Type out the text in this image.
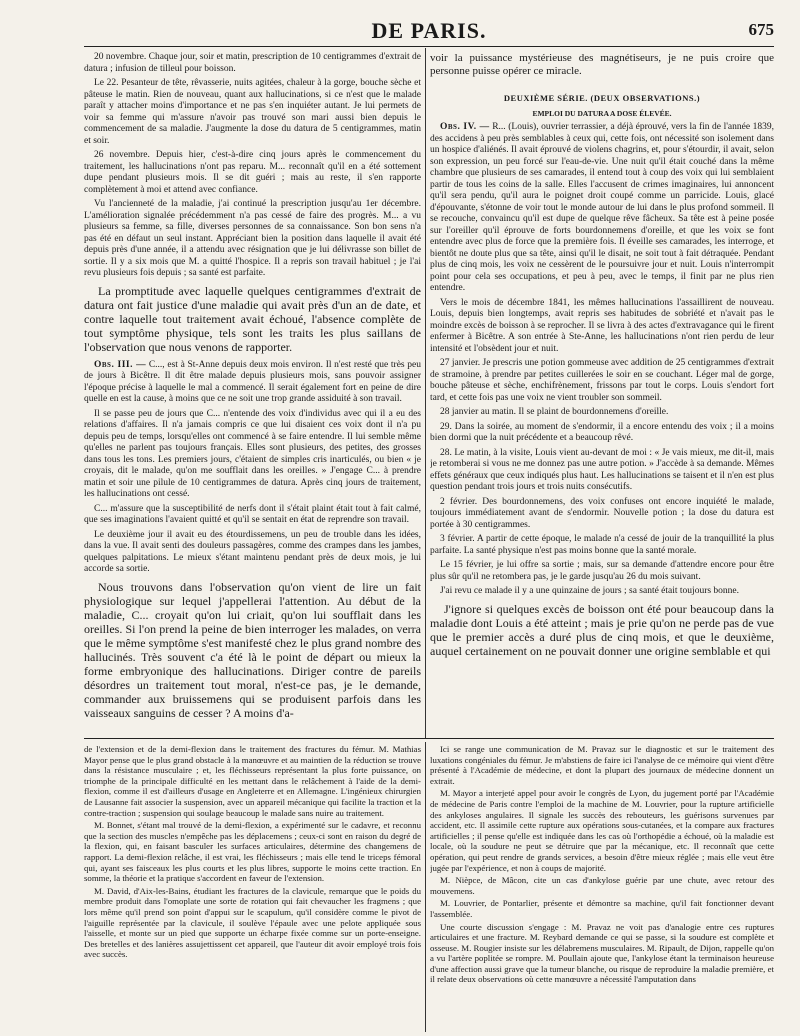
DE PARIS.	675

20 novembre. Chaque jour, soir et matin, prescription de 10 centigrammes d'extrait de datura ; infusion de tilleul pour boisson.

Le 22. Pesanteur de tête, rêvasserie, nuits agitées, chaleur à la gorge, bouche sèche et pâteuse le matin. Rien de nouveau, quant aux hallucinations, si ce n'est que le malade paraît y attacher moins d'importance et ne pas s'en inquiéter autant. Je lui permets de voir sa femme qui m'assure n'avoir pas trouvé son mari aussi bien depuis le commencement de sa maladie. J'augmente la dose du datura de 5 centigrammes, matin et soir.

26 novembre. Depuis hier, c'est-à-dire cinq jours après le commencement du traitement, les hallucinations n'ont pas reparu. M... reconnaît qu'il en a été sottement dupe pendant plusieurs mois. Il se dit guéri ; mais au reste, il s'en rapporte complètement à moi et attend avec confiance.

Vu l'ancienneté de la maladie, j'ai continué la prescription jusqu'au 1er décembre. L'amélioration signalée précédemment n'a pas cessé de faire des progrès. M... a vu plusieurs sa femme, sa fille, diverses personnes de sa connaissance. Son bon sens n'a pas été en défaut un seul instant. Appréciant bien la position dans laquelle il avait été depuis près d'une année, il a attendu avec résignation que je lui délivrasse son billet de sortie. Il y a six mois que M. a quitté l'hospice. Il a repris son travail habituel ; je l'ai revu plusieurs fois depuis ; sa santé est parfaite.

La promptitude avec laquelle quelques centigrammes d'extrait de datura ont fait justice d'une maladie qui avait près d'un an de date, et contre laquelle tout traitement avait échoué, l'absence complète de tout symptôme physique, tels sont les traits les plus saillans de l'observation que nous venons de rapporter.

Obs. III. — C..., est à St-Anne depuis deux mois environ. Il n'est resté que très peu de jours à Bicêtre. Il dit être malade depuis plusieurs mois, sans pouvoir assigner l'époque précise à laquelle le mal a commencé. Il serait également fort en peine de dire quelle en est la cause, à moins que ce ne soit une trop grande assiduité à son travail.

Il se passe peu de jours que C... n'entende des voix d'individus avec qui il a eu des relations d'affaires. Il n'a jamais compris ce que lui disaient ces voix dont il n'a pu depuis peu de temps, lorsqu'elles ont commencé à se faire entendre. Il lui semble même qu'elles ne parlent pas toujours français. Elles sont plusieurs, des petites, des grosses dans tous les tons. Les premiers jours, c'étaient de simples cris inarticulés, ou bien « je croyais, dit le malade, qu'on me soufflait dans les oreilles. » J'engage C... à prendre matin et soir une pilule de 10 centigrammes de datura. Après cinq jours de traitement, les hallucinations ont cessé.

C... m'assure que la susceptibilité de nerfs dont il s'était plaint était tout à fait calmé, que ses imaginations l'avaient quitté et qu'il se sentait en état de reprendre son travail.

Le deuxième jour il avait eu des étourdissemens, un peu de trouble dans les idées, dans la vue. Il avait senti des douleurs passagères, comme des crampes dans les jambes, quelques palpitations. Le mieux s'étant maintenu pendant près de deux mois, je lui accorde sa sortie.

Nous trouvons dans l'observation qu'on vient de lire un fait physiologique sur lequel j'appellerai l'attention. Au début de la maladie, C... croyait qu'on lui criait, qu'on lui soufflait dans les oreilles. Si l'on prend la peine de bien interroger les malades, on verra que le même symptôme s'est manifesté chez le plus grand nombre des hallucinés. Très souvent c'a été là le point de départ ou mieux la forme embryonique des hallucinations. Diriger contre de pareils désordres un traitement tout moral, n'est-ce pas, je le demande, commander aux bruissemens qui se produisent parfois dans les vaisseaux sanguins de cesser ? A moins d'a-

voir la puissance mystérieuse des magnétiseurs, je ne puis croire que personne puisse opérer ce miracle.

DEUXIÈME SÉRIE. (DEUX OBSERVATIONS.)

EMPLOI DU DATURA A DOSE ÉLEVÉE.

Obs. IV. — R... (Louis), ouvrier terrassier, a déjà éprouvé, vers la fin de l'année 1839, des accidens à peu près semblables à ceux qui, cette fois, ont nécessité son isolement dans un hospice d'aliénés. Il avait éprouvé de violens chagrins, et, pour s'étourdir, il avait, selon son expression, un peu forcé sur l'eau-de-vie. Une nuit qu'il était couché dans la même chambre que plusieurs de ses camarades, il entend tout à coup des voix qui lui semblaient partir de tous les coins de la salle. Elles l'accusent de crimes imaginaires, lui annoncent qu'il sera pendu, qu'il aura le poignet droit coupé comme un parricide. Louis, glacé d'épouvante, s'étonne de voir tout le monde autour de lui dans le plus profond sommeil. Il se recouche, convaincu qu'il est dupe de quelque rêve fâcheux. Sa tête est à peine posée sur l'oreiller qu'il éprouve de forts bourdonnemens d'oreille, et que les voix se font entendre avec plus de force que la première fois. Il éveille ses camarades, les interroge, et bientôt ne doute plus que sa tête, ainsi qu'il le disait, ne soit tout à fait détraquée. Pendant plus de cinq mois, les voix ne cessèrent de le poursuivre jour et nuit. Louis n'interrompit point pour cela ses occupations, et peu à peu, avec le temps, il finit par ne plus rien entendre.

Vers le mois de décembre 1841, les mêmes hallucinations l'assaillirent de nouveau. Louis, depuis bien longtemps, avait repris ses habitudes de sobriété et n'avait pas le moindre excès de boisson à se reprocher. Il se livra à des actes d'extravagance qui le firent enfermer à Bicêtre. A son entrée à Ste-Anne, les hallucinations n'ont rien perdu de leur intensité et l'obsèdent jour et nuit.

27 janvier. Je prescris une potion gommeuse avec addition de 25 centigrammes d'extrait de stramoine, à prendre par petites cuillerées le soir en se couchant. Léger mal de gorge, bouche pâteuse et sèche, enchifrènement, frissons par tout le corps. Louis s'endort fort tard, et cette fois pas une voix ne vient troubler son sommeil.

28 janvier au matin. Il se plaint de bourdonnemens d'oreille.

29. Dans la soirée, au moment de s'endormir, il a encore entendu des voix ; il a moins bien dormi que la nuit précédente et a beaucoup rêvé.

28. Le matin, à la visite, Louis vient au-devant de moi : « Je vais mieux, me dit-il, mais je retomberai si vous ne me donnez pas une autre potion. » J'accède à sa demande. Mêmes effets généraux que ceux indiqués plus haut. Les hallucinations se taisent et il n'en est plus question pendant trois jours et trois nuits consécutifs.

2 février. Des bourdonnemens, des voix confuses ont encore inquiété le malade, toujours immédiatement avant de s'endormir. Nouvelle potion ; la dose du datura est portée à 30 centigrammes.

3 février. A partir de cette époque, le malade n'a cessé de jouir de la tranquillité la plus parfaite. La santé physique n'est pas moins bonne que la santé morale.

Le 15 février, je lui offre sa sortie ; mais, sur sa demande d'attendre encore pour être plus sûr qu'il ne retombera pas, je le garde jusqu'au 26 du mois suivant.

J'ai revu ce malade il y a une quinzaine de jours ; sa santé était toujours bonne.

J'ignore si quelques excès de boisson ont été pour beaucoup dans la maladie dont Louis a été atteint ; mais je prie qu'on ne perde pas de vue que le premier accès a duré plus de cinq mois, et que le deuxième, auquel certainement on ne pouvait donner une origine semblable et qui

de l'extension et de la demi-flexion dans le traitement des fractures du fémur. M. Mathias Mayor pense que le plus grand obstacle à la manœuvre et au maintien de la réduction se trouve dans la résistance musculaire ; et, les fléchisseurs représentant la plus forte puissance, on triomphe de la principale difficulté en les mettant dans le relâchement à l'aide de la demi-flexion, comme il est d'ailleurs d'usage en Angleterre et en Allemagne. L'ingénieux chirurgien de Lausanne fait associer la suspension, avec un appareil mécanique qui facilite la traction et la contre-traction ; suspension qui soulage beaucoup le malade sans nuire au traitement.

M. Bonnet, s'étant mal trouvé de la demi-flexion, a expérimenté sur le cadavre, et reconnu que la section des muscles n'empêche pas les déplacemens ; ceux-ci sont en raison du degré de la flexion, qui, en faisant basculer les surfaces articulaires, détermine des changemens de rapport. La demi-flexion relâche, il est vrai, les fléchisseurs ; mais elle tend le triceps fémoral qui, ayant ses faisceaux les plus courts et les plus libres, supporte le moins cette traction. En somme, la théorie et la pratique s'accordent en faveur de l'extension.

M. David, d'Aix-les-Bains, étudiant les fractures de la clavicule, remarque que le poids du membre produit dans l'omoplate une sorte de rotation qui fait chevaucher les fragmens ; que lors même qu'il prend son point d'appui sur le scapulum, qu'il considère comme le pivot de l'aiguille représentée par la clavicule, il soulève l'épaule avec une pelote appliquée sous l'aisselle, et monte sur un pied que supporte un écharpe fixée comme sur un porte-enseigne. Des bretelles et des lanières assujettissent cet appareil, que l'auteur dit avoir employé trois fois avec succès.

Ici se range une communication de M. Pravaz sur le diagnostic et sur le traitement des luxations congéniales du fémur. Je m'abstiens de faire ici l'analyse de ce mémoire qui vient d'être présenté à l'Académie de médecine, et dont la plupart des journaux de médecine donnent un extrait.

M. Mayor a interjeté appel pour avoir le congrès de Lyon, du jugement porté par l'Académie de médecine de Paris contre l'emploi de la machine de M. Louvrier, pour la rupture artificielle des ankyloses angulaires. Il signale les succès des rebouteurs, les guérisons survenues par accident, etc. Il assimile cette rupture aux opérations sous-cutanées, et la compare aux fractures artificielles ; il pense qu'elle est indiquée dans les cas où l'orthopédie a échoué, où la maladie est locale, où la soudure ne peut se détruire que par la mécanique, etc. Il reconnaît que cette opération, qui peut rendre de grands services, a besoin d'être mieux réglée ; mais elle veut être jugée par l'expérience, et non à coups de majorité.

M. Nièpce, de Mâcon, cite un cas d'ankylose guérie par une chute, avec retour des mouvemens.

M. Louvrier, de Pontarlier, présente et démontre sa machine, qu'il fait fonctionner devant l'assemblée.

Une courte discussion s'engage : M. Pravaz ne voit pas d'analogie entre ces ruptures articulaires et une fracture. M. Reybard demande ce qui se passe, si la soudure est complète et osseuse. M. Rougier insiste sur les délabremens musculaires. M. Ripault, de Dijon, rappelle qu'on a vu l'artère poplitée se rompre. M. Poullain ajoute que, l'ankylose étant la terminaison heureuse d'une affection aussi grave que la tumeur blanche, ou risque de reproduire la maladie première, et il relate deux observations où cette manœuvre a nécessité l'amputation dans
